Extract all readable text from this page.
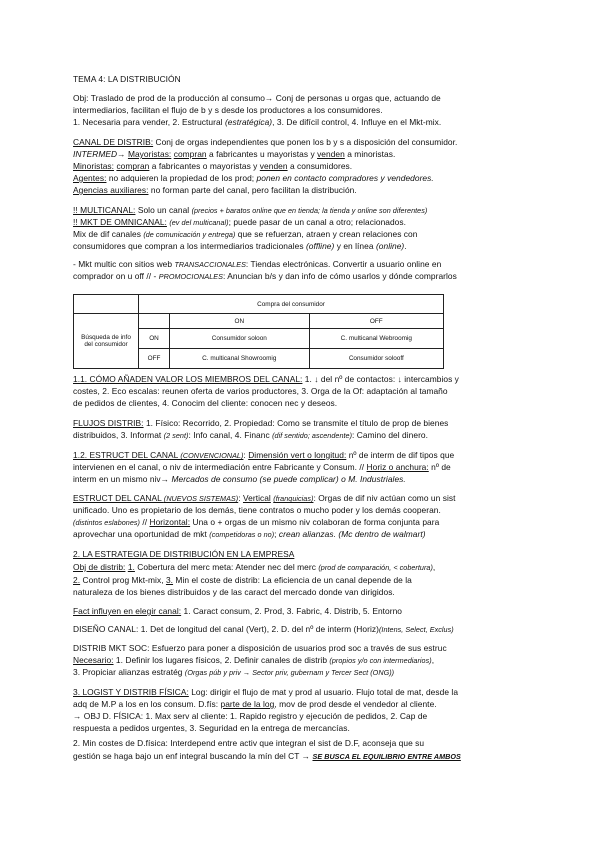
TEMA 4: LA DISTRIBUCIÓN
Obj: Traslado de prod de la producción al consumo→ Conj de personas u orgas que, actuando de
intermediarios, facilitan el flujo de b y s desde los productores a los consumidores.
1. Necesaria para vender, 2. Estructural (estratégica), 3. De difícil control, 4. Influye en el Mkt-mix.
CANAL DE DISTRIB: Conj de orgas independientes que ponen los b y s a disposición del consumidor.
INTERMED→ Mayoristas: compran a fabricantes u mayoristas y venden a minoristas.
Minoristas: compran a fabricantes o mayoristas y venden a consumidores.
Agentes: no adquieren la propiedad de los prod; ponen en contacto compradores y vendedores.
Agencias auxiliares: no forman parte del canal, pero facilitan la distribución.
!! MULTICANAL: Solo un canal (precios + baratos online que en tienda; la tienda y online son diferentes)
!! MKT DE OMNICANAL: (ev del multicanal); puede pasar de un canal a otro; relacionados.
Mix de dif canales (de comunicación y entrega) que se refuerzan, atraen y crean relaciones con
consumidores que compran a los intermediarios tradicionales (offline) y en línea (online).
- Mkt multic con sitios web TRANSACCIONALES: Tiendas electrónicas. Convertir a usuario online en
comprador on u off // - PROMOCIONALES: Anuncian b/s y dan info de cómo usarlos y dónde comprarlos
	Compra del consumidor		
Búsqueda de info del consumidor		ON	OFF
	ON	Consumidor soloon	C. multicanal Webroomig
	OFF	C. multicanal Showroomig	Consumidor solooff
1.1. CÓMO AÑADEN VALOR LOS MIEMBROS DEL CANAL: 1. ↓ del nº de contactos: ↓ intercambios y
costes, 2. Eco escalas: reunen oferta de varios productores, 3. Orga de la Of: adaptación al tamaño
de pedidos de clientes, 4. Conocim del cliente: conocen nec y deseos.
FLUJOS DISTRIB: 1. Físico: Recorrido, 2. Propiedad: Como se transmite el título de prop de bienes
distribuidos, 3. Informat (2 sent): Info canal, 4. Financ (dif sentido; ascendente): Camino del dinero.
1.2. ESTRUCT DEL CANAL (CONVENCIONAL): Dimensión vert o longitud: nº de interm de dif tipos que
intervienen en el canal, o niv de intermediación entre Fabricante y Consum. // Horiz o anchura: nº de
interm en un mismo niv→ Mercados de consumo (se puede complicar) o M. Industriales.
ESTRUCT DEL CANAL (NUEVOS SISTEMAS): Vertical (franquicias): Orgas de dif niv actúan como un sist
unificado. Uno es propietario de los demás, tiene contratos o mucho poder y los demás cooperan.
(distintos eslabones) // Horizontal: Una o + orgas de un mismo niv colaboran de forma conjunta para
aprovechar una oportunidad de mkt (competidoras o no); crean alianzas. (Mc dentro de walmart)
2. LA ESTRATEGIA DE DISTRIBUCIÓN EN LA EMPRESA
Obj de distrib: 1. Cobertura del merc meta: Atender nec del merc (prod de comparación, < cobertura),
2. Control prog Mkt-mix, 3. Min el coste de distrib: La eficiencia de un canal depende de la
naturaleza de los bienes distribuidos y de las caract del mercado donde van dirigidos.
Fact influyen en elegir canal: 1. Caract consum, 2. Prod, 3. Fabric, 4. Distrib, 5. Entorno
DISEÑO CANAL: 1. Det de longitud del canal (Vert), 2. D. del nº de interm (Horiz)(Intens, Select, Exclus)
DISTRIB MKT SOC: Esfuerzo para poner a disposición de usuarios prod soc a través de sus estruc
Necesario: 1. Definir los lugares físicos, 2. Definir canales de distrib (propios y/o con intermediarios),
3. Propiciar alianzas estratég (Orgas púb y priv → Sector priv, gubernam y Tercer Sect (ONG))
3. LOGIST Y DISTRIB FÍSICA: Log: dirigir el flujo de mat y prod al usuario. Flujo total de mat, desde la
adq de M.P a los en los consum. D.fís: parte de la log, mov de prod desde el vendedor al cliente.
→ OBJ D. FÍSICA: 1. Max serv al cliente: 1. Rapido registro y ejecución de pedidos, 2. Cap de
respuesta a pedidos urgentes, 3. Seguridad en la entrega de mercancías.
2. Min costes de D.física: Interdepend entre activ que integran el sist de D.F, aconseja que su
gestión se haga bajo un enf integral buscando la mín del CT → SE BUSCA EL EQUILIBRIO ENTRE AMBOS
